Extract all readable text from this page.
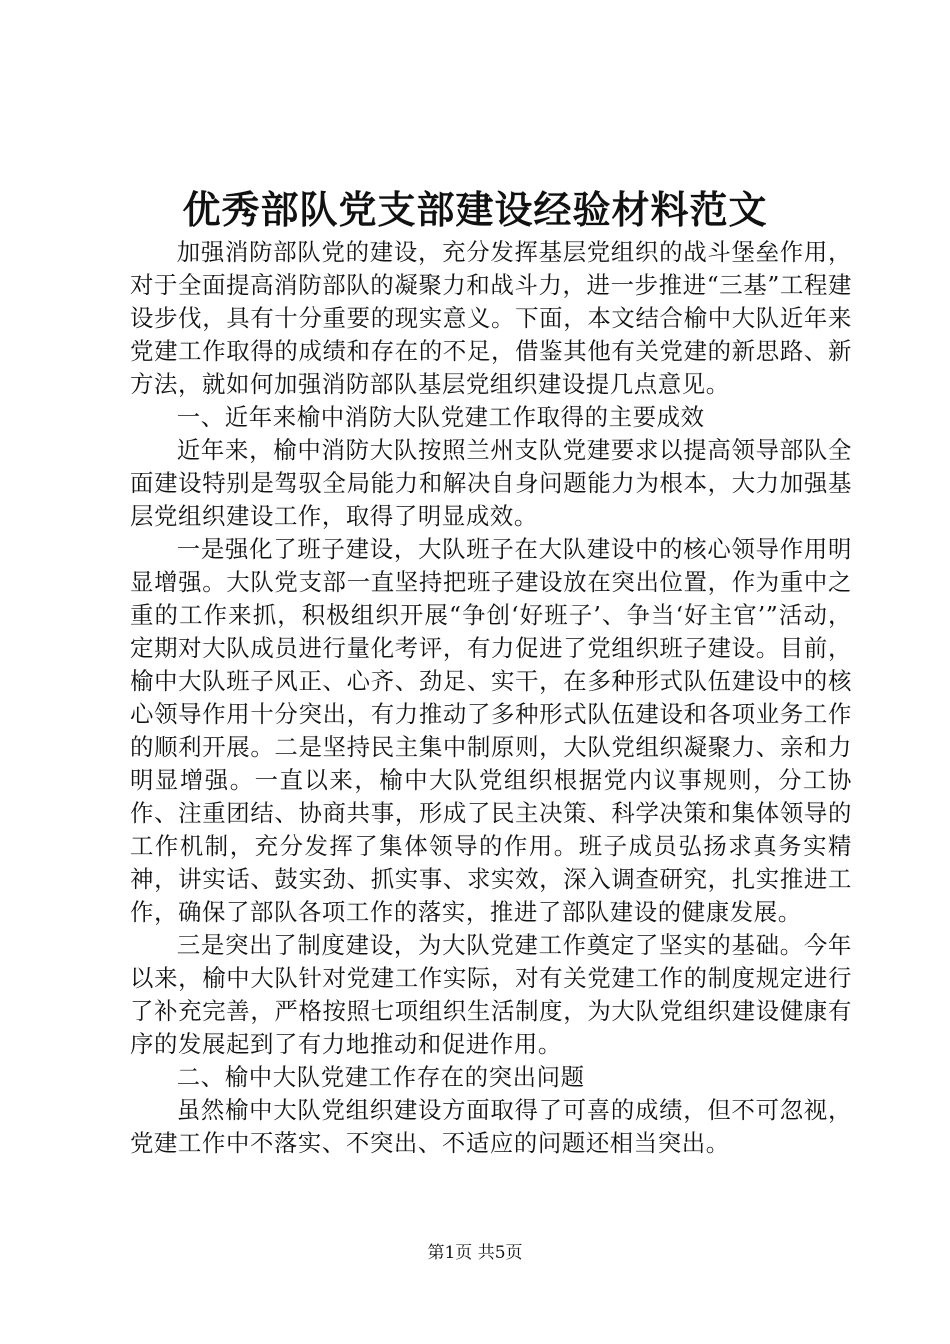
优秀部队党支部建设经验材料范文

加强消防部队党的建设，充分发挥基层党组织的战斗堡垒作用，对于全面提高消防部队的凝聚力和战斗力，进一步推进“三基”工程建设步伐，具有十分重要的现实意义。下面，本文结合榆中大队近年来党建工作取得的成绩和存在的不足，借鉴其他有关党建的新思路、新方法，就如何加强消防部队基层党组织建设提几点意见。

一、近年来榆中消防大队党建工作取得的主要成效

近年来，榆中消防大队按照兰州支队党建要求以提高领导部队全面建设特别是驾驭全局能力和解决自身问题能力为根本，大力加强基层党组织建设工作，取得了明显成效。

一是强化了班子建设，大队班子在大队建设中的核心领导作用明显增强。大队党支部一直坚持把班子建设放在突出位置，作为重中之重的工作来抓，积极组织开展“争创‘好班子’、争当‘好主官’”活动，定期对大队成员进行量化考评，有力促进了党组织班子建设。目前，榆中大队班子风正、心齐、劲足、实干，在多种形式队伍建设中的核心领导作用十分突出，有力推动了多种形式队伍建设和各项业务工作的顺利开展。二是坚持民主集中制原则，大队党组织凝聚力、亲和力明显增强。一直以来，榆中大队党组织根据党内议事规则，分工协作、注重团结、协商共事，形成了民主决策、科学决策和集体领导的工作机制，充分发挥了集体领导的作用。班子成员弘扬求真务实精神，讲实话、鼓实劲、抓实事、求实效，深入调查研究，扎实推进工作，确保了部队各项工作的落实，推进了部队建设的健康发展。

三是突出了制度建设，为大队党建工作奠定了坚实的基础。今年以来，榆中大队针对党建工作实际，对有关党建工作的制度规定进行了补充完善，严格按照七项组织生活制度，为大队党组织建设健康有序的发展起到了有力地推动和促进作用。

二、榆中大队党建工作存在的突出问题

虽然榆中大队党组织建设方面取得了可喜的成绩，但不可忽视，党建工作中不落实、不突出、不适应的问题还相当突出。

第1页 共5页
